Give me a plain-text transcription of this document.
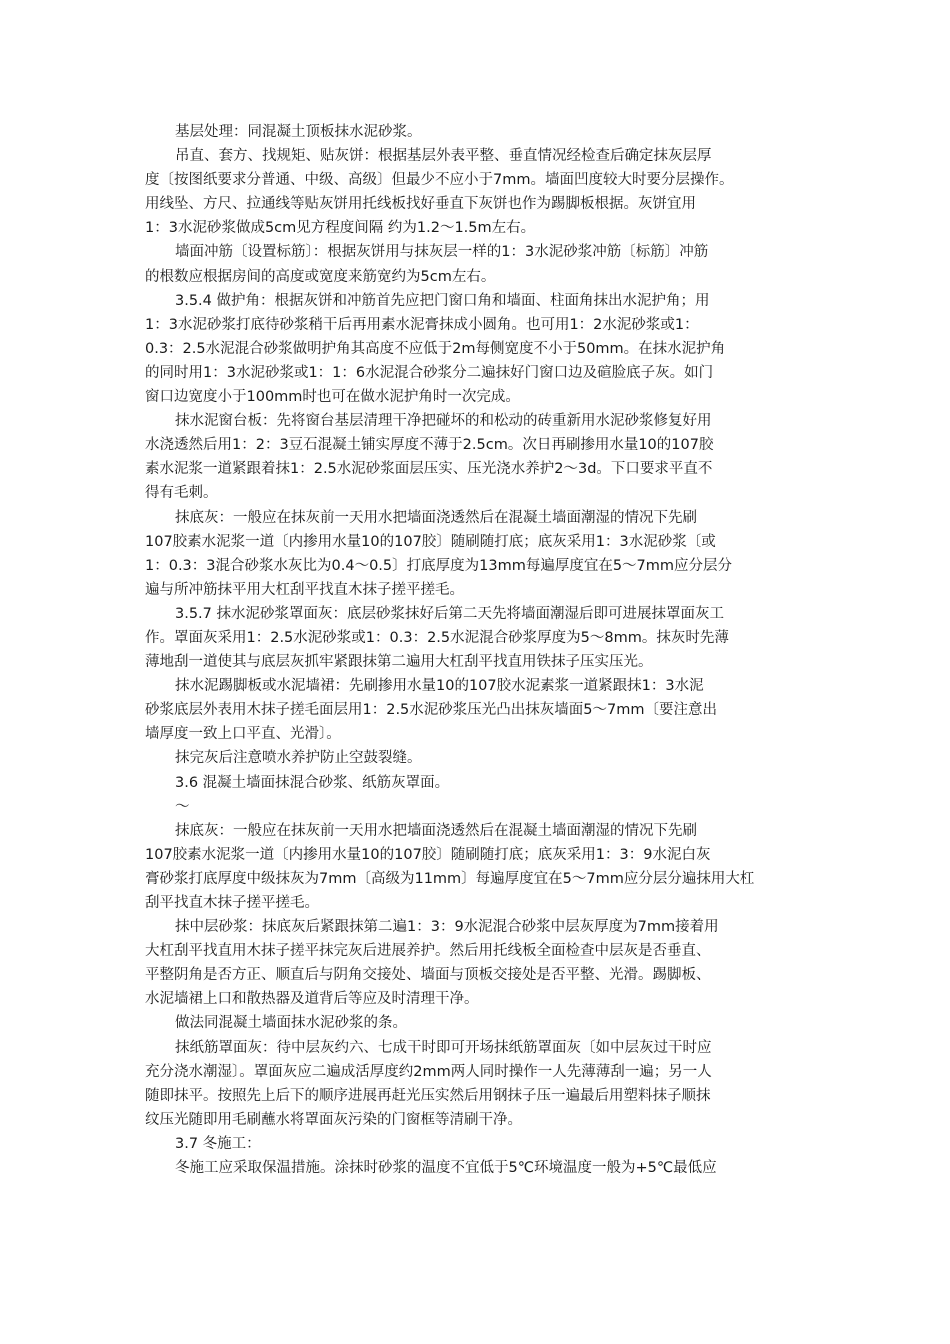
基层处理：同混凝土顶板抹水泥砂浆。
吊直、套方、找规矩、贴灰饼：根据基层外表平整、垂直情况经检查后确定抹灰层厚
度〔按图纸要求分普通、中级、高级〕但最少不应小于7mm。墙面凹度较大时要分层操作。
用线坠、方尺、拉通线等贴灰饼用托线板找好垂直下灰饼也作为踢脚板根据。灰饼宜用
1：3水泥砂浆做成5cm见方程度间隔 约为1.2～1.5m左右。
墙面冲筋〔设置标筋〕：根据灰饼用与抹灰层一样的1：3水泥砂浆冲筋〔标筋〕冲筋
的根数应根据房间的高度或宽度来筋宽约为5cm左右。
3.5.4 做护角：根据灰饼和冲筋首先应把门窗口角和墙面、柱面角抹出水泥护角；用
1：3水泥砂浆打底待砂浆稍干后再用素水泥膏抹成小圆角。也可用1：2水泥砂浆或1：
0.3：2.5水泥混合砂浆做明护角其高度不应低于2m每侧宽度不小于50mm。在抹水泥护角
的同时用1：3水泥砂浆或1：1：6水泥混合砂浆分二遍抹好门窗口边及碹脸底子灰。如门
窗口边宽度小于100mm时也可在做水泥护角时一次完成。
抹水泥窗台板：先将窗台基层清理干净把碰坏的和松动的砖重新用水泥砂浆修复好用
水浇透然后用1：2：3豆石混凝土铺实厚度不薄于2.5cm。次日再刷掺用水量10的107胶
素水泥浆一道紧跟着抹1：2.5水泥砂浆面层压实、压光浇水养护2～3d。下口要求平直不
得有毛刺。
抹底灰：一般应在抹灰前一天用水把墙面浇透然后在混凝土墙面潮湿的情况下先刷
107胶素水泥浆一道〔内掺用水量10的107胶〕随刷随打底；底灰采用1：3水泥砂浆〔或
1：0.3：3混合砂浆水灰比为0.4～0.5〕打底厚度为13mm每遍厚度宜在5～7mm应分层分
遍与所冲筋抹平用大杠刮平找直木抹子搓平搓毛。
3.5.7 抹水泥砂浆罩面灰：底层砂浆抹好后第二天先将墙面潮湿后即可进展抹罩面灰工
作。罩面灰采用1：2.5水泥砂浆或1：0.3：2.5水泥混合砂浆厚度为5～8mm。抹灰时先薄
薄地刮一道使其与底层灰抓牢紧跟抹第二遍用大杠刮平找直用铁抹子压实压光。
抹水泥踢脚板或水泥墙裙：先刷掺用水量10的107胶水泥素浆一道紧跟抹1：3水泥
砂浆底层外表用木抹子搓毛面层用1：2.5水泥砂浆压光凸出抹灰墙面5～7mm〔要注意出
墙厚度一致上口平直、光滑〕。
抹完灰后注意喷水养护防止空鼓裂缝。
3.6 混凝土墙面抹混合砂浆、纸筋灰罩面。
～
抹底灰：一般应在抹灰前一天用水把墙面浇透然后在混凝土墙面潮湿的情况下先刷
107胶素水泥浆一道〔内掺用水量10的107胶〕随刷随打底；底灰采用1：3：9水泥白灰
膏砂浆打底厚度中级抹灰为7mm〔高级为11mm〕每遍厚度宜在5～7mm应分层分遍抹用大杠
刮平找直木抹子搓平搓毛。
抹中层砂浆：抹底灰后紧跟抹第二遍1：3：9水泥混合砂浆中层灰厚度为7mm接着用
大杠刮平找直用木抹子搓平抹完灰后进展养护。然后用托线板全面检查中层灰是否垂直、
平整阴角是否方正、顺直后与阴角交接处、墙面与顶板交接处是否平整、光滑。踢脚板、
水泥墙裙上口和散热器及道背后等应及时清理干净。
做法同混凝土墙面抹水泥砂浆的条。
抹纸筋罩面灰：待中层灰约六、七成干时即可开场抹纸筋罩面灰〔如中层灰过干时应
充分浇水潮湿〕。罩面灰应二遍成活厚度约2mm两人同时操作一人先薄薄刮一遍；另一人
随即抹平。按照先上后下的顺序进展再赶光压实然后用钢抹子压一遍最后用塑料抹子顺抹
纹压光随即用毛刷蘸水将罩面灰污染的门窗框等清刷干净。
3.7 冬施工：
冬施工应采取保温措施。涂抹时砂浆的温度不宜低于5℃环境温度一般为+5℃最低应
